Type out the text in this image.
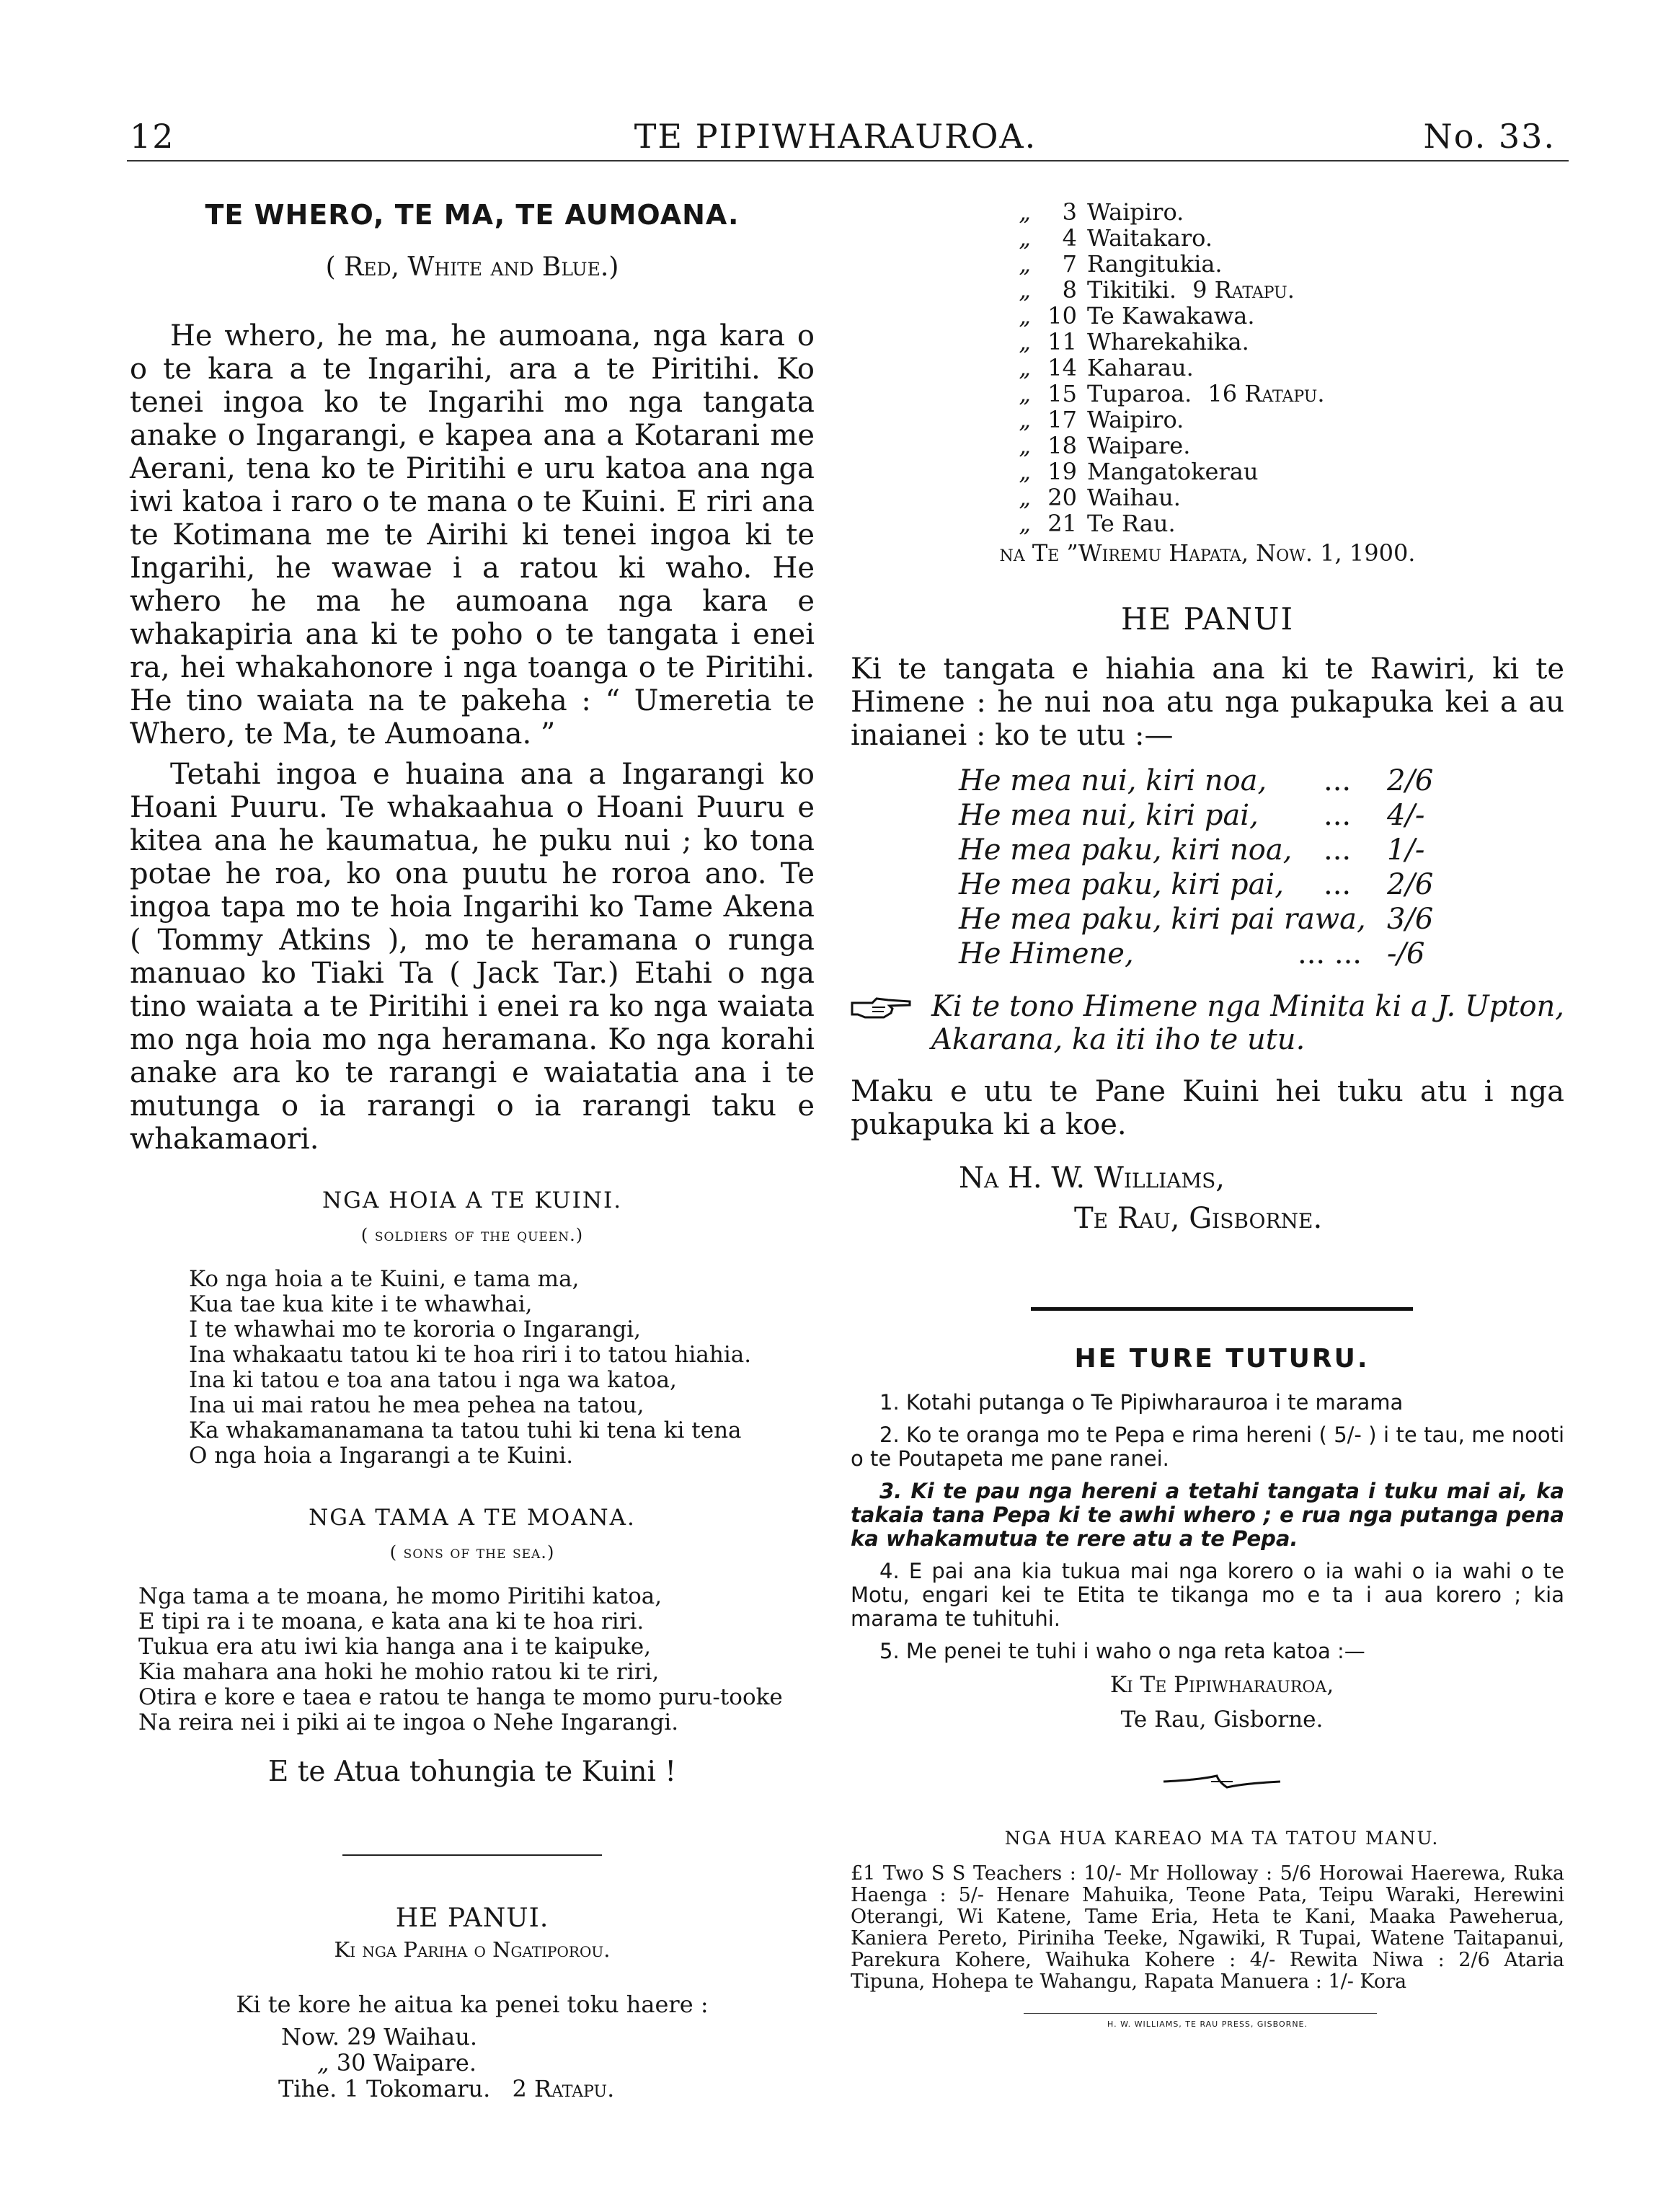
12	TE PIPIWHARAUROA.	No. 33.
TE WHERO, TE MA, TE AUMOANA.
( Red, White and Blue.)

He whero, he ma, he aumoana, nga kara o o te kara a te Ingarihi, ara a te Piritihi. Ko tenei ingoa ko te Ingarihi mo nga tangata anake o Ingarangi, e kapea ana a Kotarani me Aerani, tena ko te Piritihi e uru katoa ana nga iwi katoa i raro o te mana o te Kuini. E riri ana te Kotimana me te Airihi ki tenei ingoa ki te Ingarihi, he wawae i a ratou ki waho. He whero he ma he aumoana nga kara e whakapiria ana ki te poho o te tangata i enei ra, hei whakahonore i nga toanga o te Piritihi. He tino waiata na te pakeha : “ Umeretia te Whero, te Ma, te Aumoana. ”

Tetahi ingoa e huaina ana a Ingarangi ko Hoani Puuru. Te whakaahua o Hoani Puuru e kitea ana he kaumatua, he puku nui ; ko tona potae he roa, ko ona puutu he roroa ano. Te ingoa tapa mo te hoia Ingarihi ko Tame Akena ( Tommy Atkins ), mo te heramana o runga manuao ko Tiaki Ta ( Jack Tar.) Etahi o nga tino waiata a te Piritihi i enei ra ko nga waiata mo nga hoia mo nga heramana. Ko nga korahi anake ara ko te rarangi e waiatatia ana i te mutunga o ia rarangi o ia rarangi taku e whakamaori.

NGA HOIA A TE KUINI.
( soldiers of the queen.)
Ko nga hoia a te Kuini, e tama ma,
Kua tae kua kite i te whawhai,
I te whawhai mo te kororia o Ingarangi,
Ina whakaatu tatou ki te hoa riri i to tatou hiahia.
Ina ki tatou e toa ana tatou i nga wa katoa,
Ina ui mai ratou he mea pehea na tatou,
Ka whakamanamana ta tatou tuhi ki tena ki tena
O nga hoia a Ingarangi a te Kuini.
NGA TAMA A TE MOANA.
( sons of the sea.)
Nga tama a te moana, he momo Piritihi katoa,
E tipi ra i te moana, e kata ana ki te hoa riri.
Tukua era atu iwi kia hanga ana i te kaipuke,
Kia mahara ana hoki he mohio ratou ki te riri,
Otira e kore e taea e ratou te hanga te momo puru-tooke
Na reira nei i piki ai te ingoa o Nehe Ingarangi.
E te Atua tohungia te Kuini !
HE PANUI.
Ki nga Pariha o Ngatiporou.
Ki te kore he aitua ka penei toku haere :
Now. 29 Waihau.
„ 30 Waipare.
Tihe. 1 Tokomaru. 2 Ratapu.
„ 3 Waipiro.
„ 4 Waitakaro.
„ 7 Rangitukia.
„ 8 Tikitiki. 9 Ratapu.
„ 10 Te Kawakawa.
„ 11 Wharekahika.
„ 14 Kaharau.
„ 15 Tuparoa. 16 Ratapu.
„ 17 Waipiro.
„ 18 Waipare.
„ 19 Mangatokerau
„ 20 Waihau.
„ 21 Te Rau.
na Te ”Wiremu Hapata, Now. 1, 1900.
HE PANUI
Ki te tangata e hiahia ana ki te Rawiri, ki te Himene : he nui noa atu nga pukapuka kei a au inaianei : ko te utu :—
He mea nui, kiri noa, ... 2/6
He mea nui, kiri pai, ... 4/-
He mea paku, kiri noa, ... 1/-
He mea paku, kiri pai, ... 2/6
He mea paku, kiri pai rawa, 3/6
He Himene,	... ... -/6
Ki te tono Himene nga Minita ki a J. Upton, Akarana, ka iti iho te utu.
Maku e utu te Pane Kuini hei tuku atu i nga pukapuka ki a koe.
Na H. W. Williams,
Te Rau, Gisborne.
HE TURE TUTURU.

1. Kotahi putanga o Te Pipiwharauroa i te marama

2. Ko te oranga mo te Pepa e rima hereni ( 5/- ) i te tau, me nooti o te Poutapeta me pane ranei.

3. Ki te pau nga hereni a tetahi tangata i tuku mai ai, ka takaia tana Pepa ki te awhi whero ; e rua nga putanga pena ka whakamutua te rere atu a te Pepa.

4. E pai ana kia tukua mai nga korero o ia wahi o ia wahi o te Motu, engari kei te Etita te tikanga mo e ta i aua korero ; kia marama te tuhituhi.

5. Me penei te tuhi i waho o nga reta katoa :—

Ki Te Pipiwharauroa,
Te Rau, Gisborne.
NGA HUA KAREAO MA TA TATOU MANU.
£1 Two S S Teachers : 10/- Mr Holloway : 5/6 Horowai Haerewa, Ruka Haenga : 5/- Henare Mahuika, Teone Pata, Teipu Waraki, Herewini Oterangi, Wi Katene, Tame Eria, Heta te Kani, Maaka Paweherua, Kaniera Pereto, Piriniha Teeke, Ngawiki, R Tupai, Watene Taitapanui, Parekura Kohere, Waihuka Kohere : 4/- Rewita Niwa : 2/6 Ataria Tipuna, Hohepa te Wahangu, Rapata Manuera : 1/- Kora
H. W. WILLIAMS, TE RAU PRESS, GISBORNE.
